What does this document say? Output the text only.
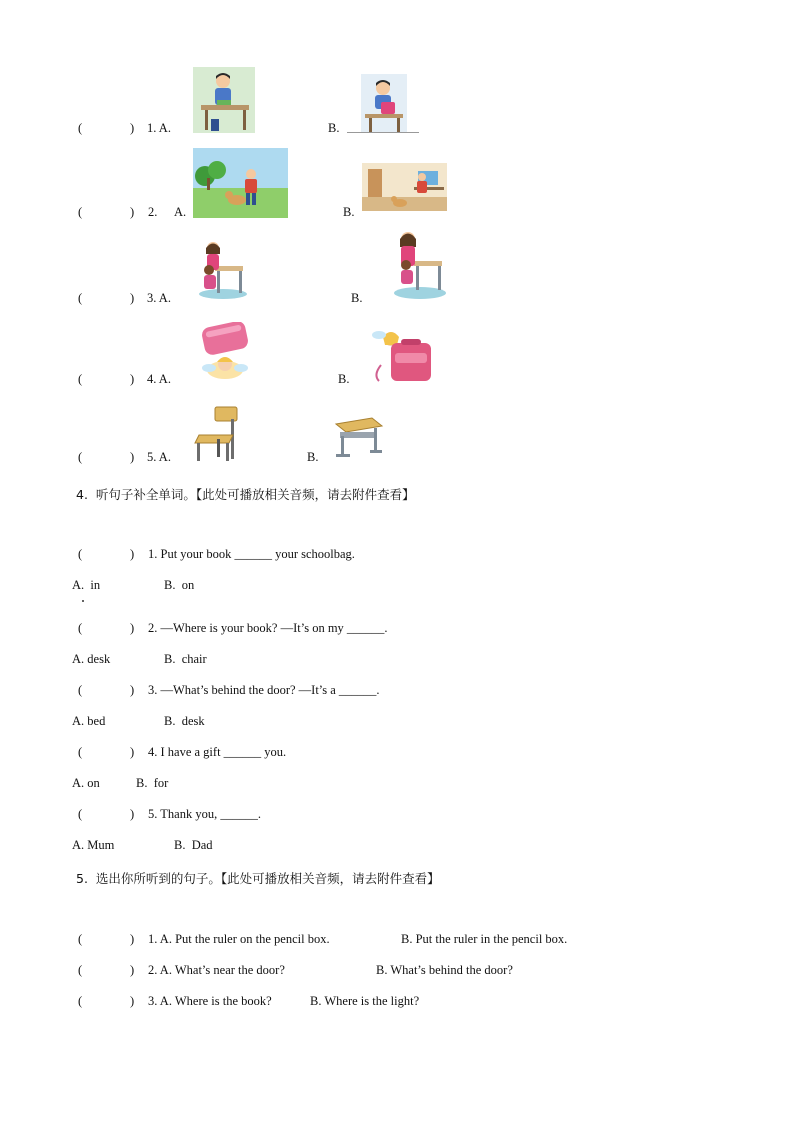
(	) 1. A.	B.
(	) 2. A.	B.
(	) 3. A.	B.
(	) 4. A.	B.
(	) 5. A.	B.
4.  听句子补全单词。【此处可播放相关音频，请去附件查看】
(	) 1. Put your book ______ your schoolbag.
A.  in	B.  on
(	) 2. —Where is your book? —It’s on my ______.
A. desk	B.  chair
(	) 3. —What’s behind the door? —It’s a ______.
A. bed	B.  desk
(	) 4. I have a gift ______ you.
A. on	B.  for
(	) 5. Thank you, ______.
A. Mum	B.  Dad
5.  选出你所听到的句子。【此处可播放相关音频，请去附件查看】
(	) 1. A. Put the ruler on the pencil box.	B. Put the ruler in the pencil box.
(	) 2. A. What’s near the door?	B. What’s behind the door?
(	) 3. A. Where is the book?	B. Where is the light?
